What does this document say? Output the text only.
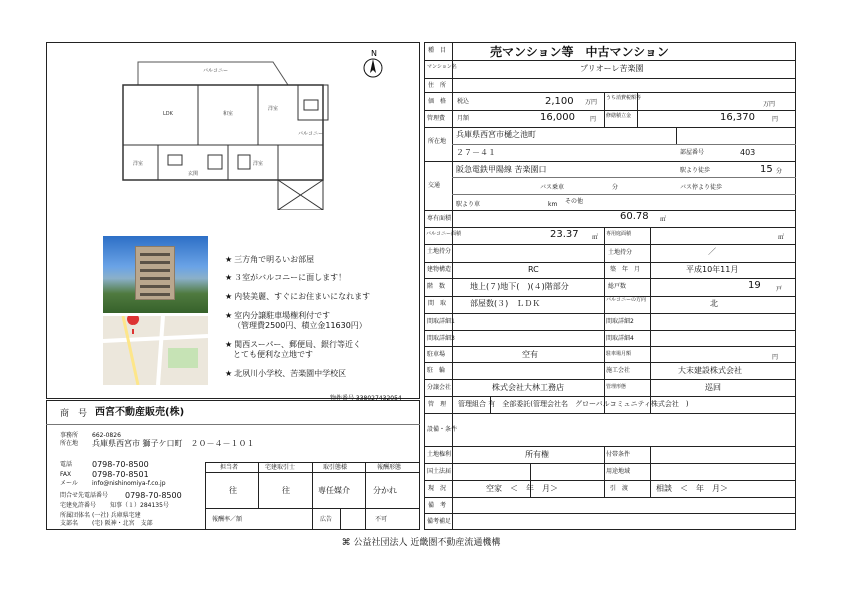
N
バルコニー
LDK
洋室
和室
バルコニー
洋室	洋室
玄関
★ 三方角で明るいお部屋
★ ３室がバルコニーに面します！
★ 内装美麗、すぐにお住まいになれます
★ 室内分譲駐車場権利付です
（管理費2500円、積立金11630円）
★ 関西スーパー、郵便局、銀行等近く
とても便利な立地です
★ 北夙川小学校、苦楽園中学校区
物件番号 338027432054
商　号 西宮不動産販売(株)
事務所 662-0826
所在地 兵庫県西宮市 獅子ケ口町　２０－４－１０１
電話 0798-70-8500
FAX	0798-70-8501
メール info@nishinomiya-f.co.jp
問合せ先電話番号 0798-70-8500
宅建免許番号 知事（１）284135号
所属団体名 (一社) 兵庫県宅建
支部名 (宅) 阪神・北宮　支部
担当者	宅建取引士	取引態様	報酬形態
往	往	専任媒介	分かれ
報酬率／額	広告	不可
種　目	売マンション等　中古マンション
マンション名	プリオーレ苦楽園
住　所
価　格 税込	2,100 万円
うち消費税額等
万円
管理費 月額	16,000	円 修繕積立金	16,370	円
所在地
兵庫県西宮市樋之池町
２７－４１	部屋番号	403
交通
阪急電鉄甲陽線 苦楽園口	駅より徒歩	15 分
バス乗車	分	バス停より徒歩
駅より車	km その他
専有面積	60.78 ㎡
バルコニー面積	23.37 ㎡ 専用庭面積	㎡
土地持分	土地持分	／
建物構造	RC	築　年　月	平成10年11月
階　数	地上(７)地下(　)(４)階部分	総戸数	19	戸
間　取	部屋数(３)　ＬＤＫ	バルコニーの方向	北
間取詳細1	間取詳細2
間取詳細3	間取詳細4
駐車場	空有	駐車場月額	円
駐　輪	施工会社	大末建設株式会社
分譲会社	株式会社大林工務店	管理形態	巡回
管　理 管理組合 有　全部委託(管理会社名　グローバルコミュニティ株式会社　)
設備・条件
土地権利	所有権	付帯条件
国土法届	用途地域
現　況	空家　＜　年　月＞	引　渡	相談　＜　年　月＞
備　考
備考補足
⌘ 公益社団法人 近畿圏不動産流通機構
